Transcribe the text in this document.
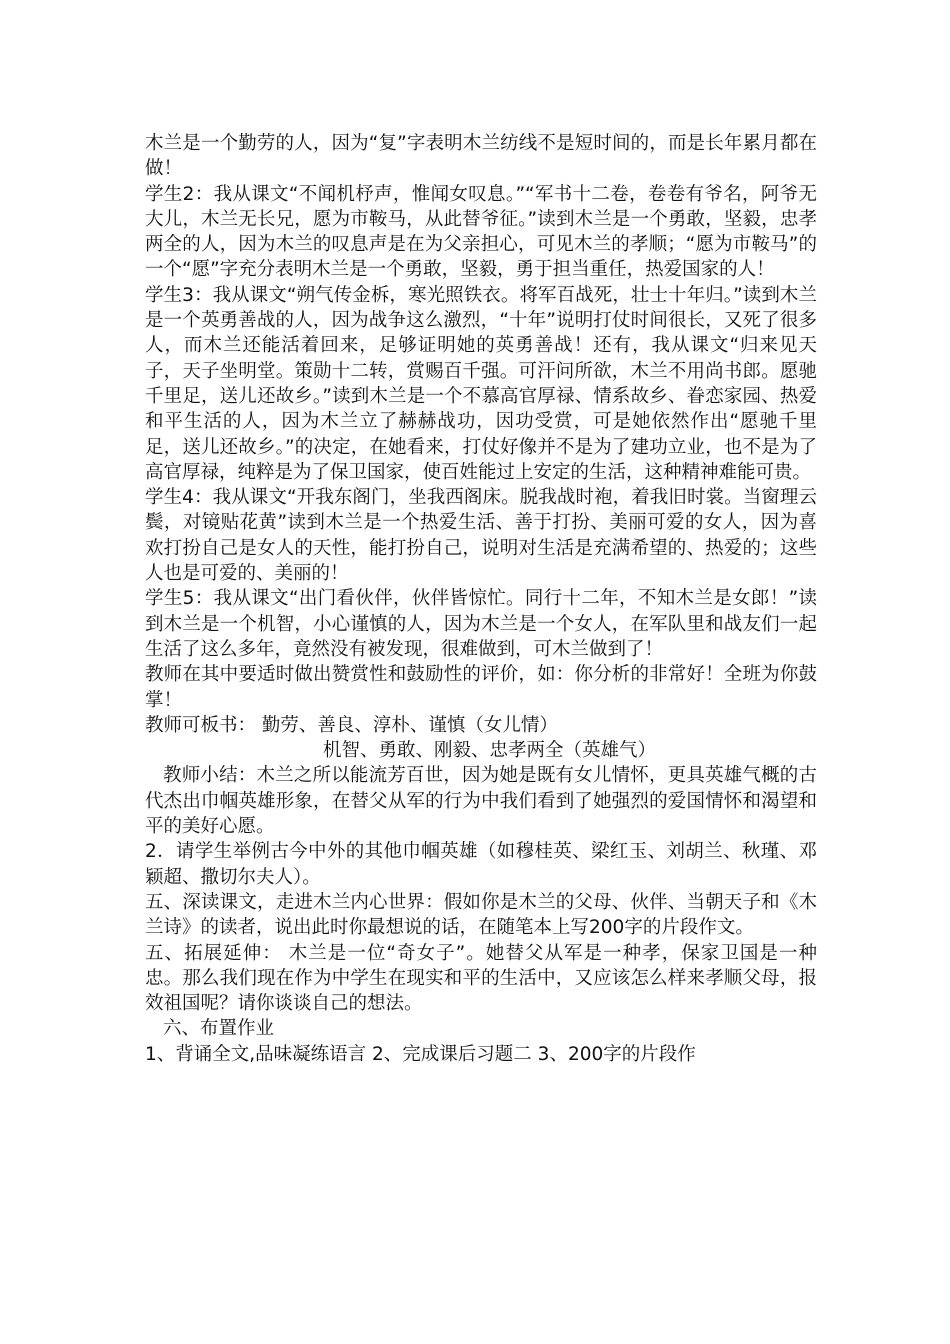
木兰是一个勤劳的人，因为“复”字表明木兰纺线不是短时间的，而是长年累月都在做！

学生2：我从课文“不闻机杼声，惟闻女叹息。”“军书十二卷，卷卷有爷名，阿爷无大儿，木兰无长兄，愿为市鞍马，从此替爷征。”读到木兰是一个勇敢，坚毅，忠孝两全的人，因为木兰的叹息声是在为父亲担心，可见木兰的孝顺；“愿为市鞍马”的一个“愿”字充分表明木兰是一个勇敢，坚毅，勇于担当重任，热爱国家的人！

学生3：我从课文“朔气传金柝，寒光照铁衣。将军百战死，壮士十年归。”读到木兰是一个英勇善战的人，因为战争这么激烈，“十年”说明打仗时间很长，又死了很多人，而木兰还能活着回来，足够证明她的英勇善战！还有，我从课文“归来见天子，天子坐明堂。策勋十二转，赏赐百千强。可汗问所欲，木兰不用尚书郎。愿驰千里足，送儿还故乡。”读到木兰是一个不慕高官厚禄、情系故乡、眷恋家园、热爱和平生活的人，因为木兰立了赫赫战功，因功受赏，可是她依然作出“愿驰千里足，送儿还故乡。”的决定，在她看来，打仗好像并不是为了建功立业，也不是为了高官厚禄，纯粹是为了保卫国家，使百姓能过上安定的生活，这种精神难能可贵。

学生4：我从课文“开我东阁门，坐我西阁床。脱我战时袍，着我旧时裳。当窗理云鬓，对镜贴花黄”读到木兰是一个热爱生活、善于打扮、美丽可爱的女人，因为喜欢打扮自己是女人的天性，能打扮自己，说明对生活是充满希望的、热爱的；这些人也是可爱的、美丽的！

学生5：我从课文“出门看伙伴，伙伴皆惊忙。同行十二年，不知木兰是女郎！”读到木兰是一个机智，小心谨慎的人，因为木兰是一个女人，在军队里和战友们一起生活了这么多年，竟然没有被发现，很难做到，可木兰做到了！

教师在其中要适时做出赞赏性和鼓励性的评价，如：你分析的非常好！全班为你鼓掌！

教师可板书： 勤劳、善良、淳朴、谨慎（女儿情）

机智、勇敢、刚毅、忠孝两全（英雄气）

教师小结：木兰之所以能流芳百世，因为她是既有女儿情怀，更具英雄气概的古代杰出巾帼英雄形象，在替父从军的行为中我们看到了她强烈的爱国情怀和渴望和平的美好心愿。

2．请学生举例古今中外的其他巾帼英雄（如穆桂英、梁红玉、刘胡兰、秋瑾、邓颖超、撒切尔夫人）。

五、深读课文，走进木兰内心世界：假如你是木兰的父母、伙伴、当朝天子和《木兰诗》的读者，说出此时你最想说的话，在随笔本上写200字的片段作文。

五、拓展延伸： 木兰是一位“奇女子”。她替父从军是一种孝，保家卫国是一种忠。那么我们现在作为中学生在现实和平的生活中，又应该怎么样来孝顺父母，报效祖国呢？请你谈谈自己的想法。

六、布置作业

1、背诵全文,品味凝练语言 2、完成课后习题二 3、200字的片段作
